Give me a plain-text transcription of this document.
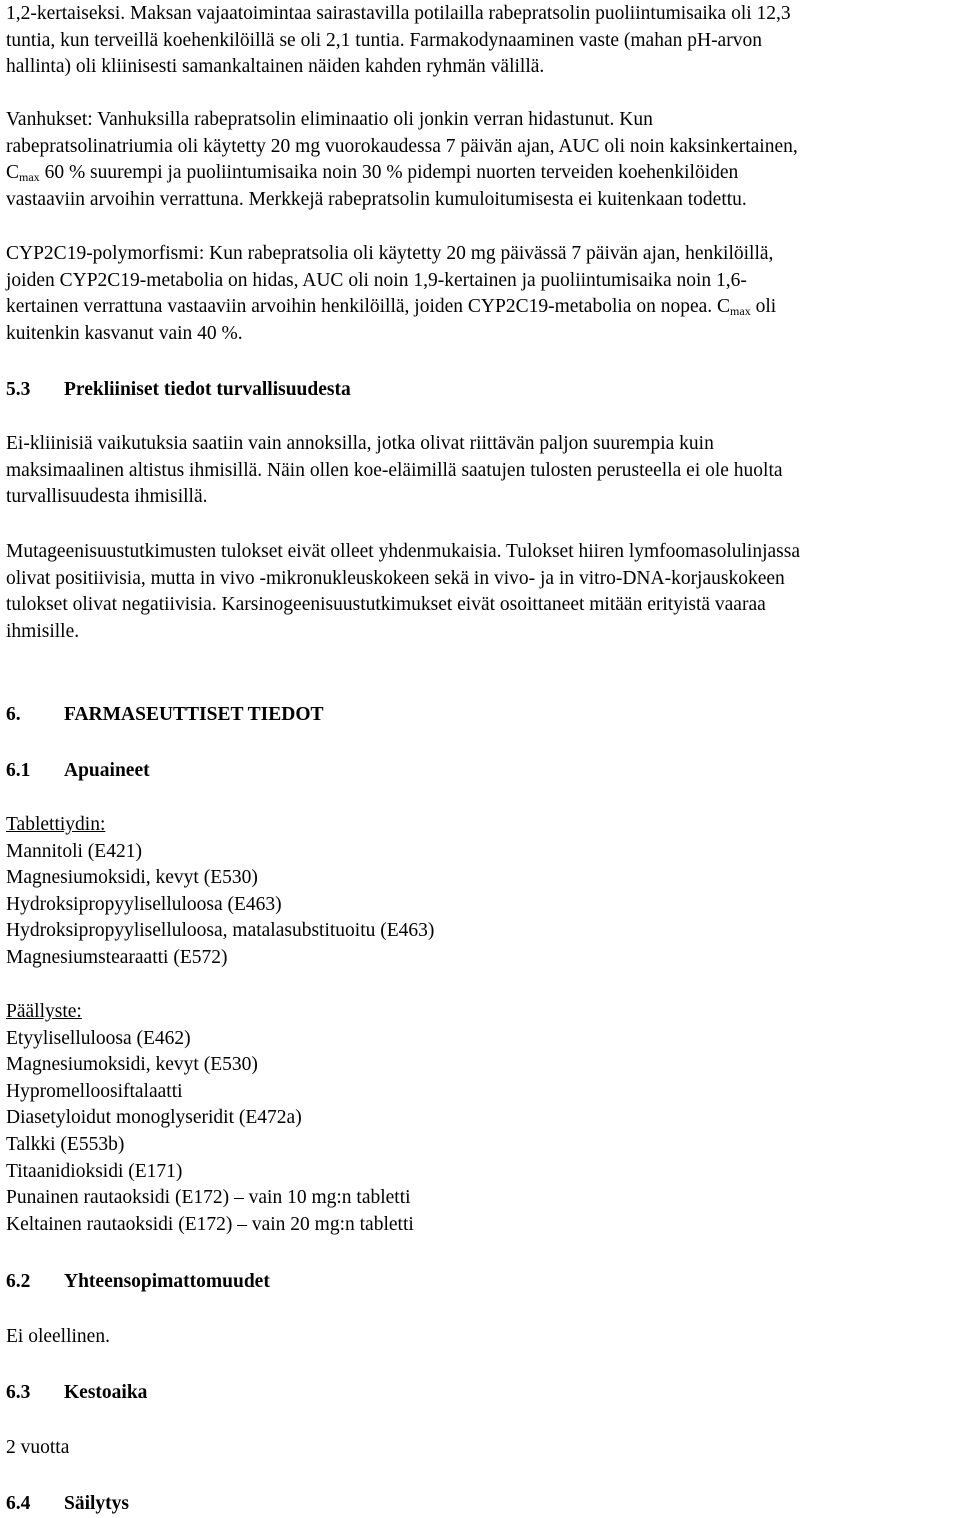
1,2-kertaiseksi. Maksan vajaatoimintaa sairastavilla potilailla rabepratsolin puoliintumisaika oli 12,3
tuntia, kun terveillä koehenkilöillä se oli 2,1 tuntia. Farmakodynaaminen vaste (mahan pH-arvon
hallinta) oli kliinisesti samankaltainen näiden kahden ryhmän välillä.

Vanhukset: Vanhuksilla rabepratsolin eliminaatio oli jonkin verran hidastunut. Kun
rabepratsolinatriumia oli käytetty 20 mg vuorokaudessa 7 päivän ajan, AUC oli noin kaksinkertainen,
$C_{max}$ 60 % suurempi ja puoliintumisaika noin 30 % pidempi nuorten terveiden koehenkilöiden
vastaaviin arvoihin verrattuna. Merkkejä rabepratsolin kumuloitumisesta ei kuitenkaan todettu.

CYP2C19-polymorfismi: Kun rabepratsolia oli käytetty 20 mg päivässä 7 päivän ajan, henkilöillä,
joiden CYP2C19-metabolia on hidas, AUC oli noin 1,9-kertainen ja puoliintumisaika noin 1,6-
kertainen verrattuna vastaaviin arvoihin henkilöillä, joiden CYP2C19-metabolia on nopea. $C_{max}$ oli
kuitenkin kasvanut vain 40 %.

5.3 Prekliiniset tiedot turvallisuudesta

Ei-kliinisiä vaikutuksia saatiin vain annoksilla, jotka olivat riittävän paljon suurempia kuin
maksimaalinen altistus ihmisillä. Näin ollen koe-eläimillä saatujen tulosten perusteella ei ole huolta
turvallisuudesta ihmisillä.

Mutageenisuustutkimusten tulokset eivät olleet yhdenmukaisia. Tulokset hiiren lymfoomasolulinjassa
olivat positiivisia, mutta in vivo -mikronukleuskokeen sekä in vivo- ja in vitro-DNA-korjauskokeen
tulokset olivat negatiivisia. Karsinogeenisuustutkimukset eivät osoittaneet mitään erityistä vaaraa
ihmisille.

6. FARMASEUTTISET TIEDOT

6.1 Apuaineet

Tablettiydin:
Mannitoli (E421)
Magnesiumoksidi, kevyt (E530)
Hydroksipropyyliselluloosa (E463)
Hydroksipropyyliselluloosa, matalasubstituoitu (E463)
Magnesiumstearaatti (E572)
Päällyste:
Etyyliselluloosa (E462)
Magnesiumoksidi, kevyt (E530)
Hypromelloosiftalaatti
Diasetyloidut monoglyseridit (E472a)
Talkki (E553b)
Titaanidioksidi (E171)
Punainen rautaoksidi (E172) – vain 10 mg:n tabletti
Keltainen rautaoksidi (E172) – vain 20 mg:n tabletti

6.2 Yhteensopimattomuudet

Ei oleellinen.

6.3 Kestoaika

2 vuotta

6.4 Säilytys
